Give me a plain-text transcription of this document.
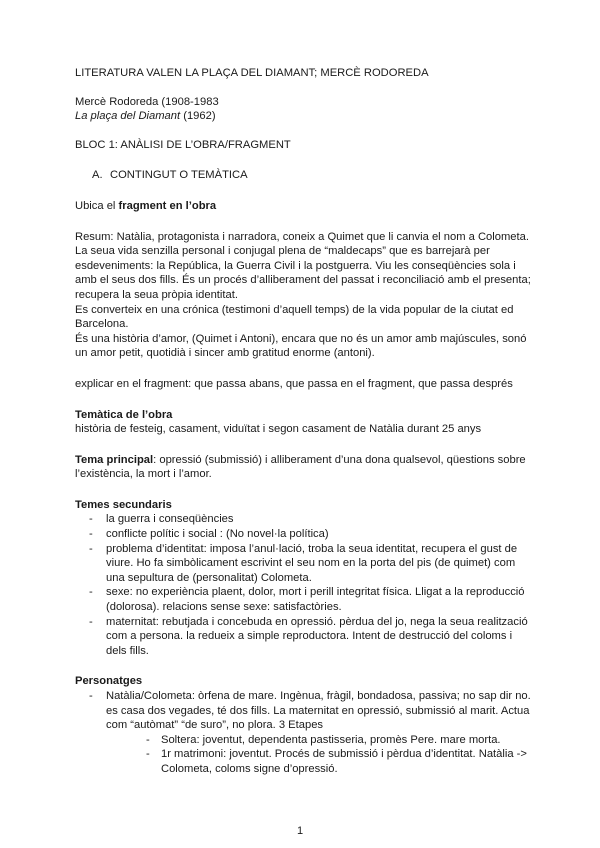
LITERATURA VALEN LA PLAÇA DEL DIAMANT; MERCÈ RODOREDA

Mercè Rodoreda (1908-1983

La plaça del Diamant (1962)

BLOC 1: ANÀLISI DE L’OBRA/FRAGMENT

A. CONTINGUT O TEMÀTICA

Ubica el fragment en l’obra

Resum: Natàlia, protagonista i narradora, coneix a Quimet que li canvia el nom a Colometa. La seua vida senzilla personal i conjugal plena de “maldecaps” que es barrejarà per esdeveniments: la República, la Guerra Civil i la postguerra. Viu les conseqüències sola i amb el seus dos fills. És un procés d’alliberament del passat i reconciliació amb el presenta; recupera la seua pròpia identitat.

Es converteix en una crónica (testimoni d’aquell temps) de la vida popular de la ciutat ed Barcelona.

És una història d’amor, (Quimet i Antoni), encara que no és un amor amb majúscules, sonó un amor petit, quotidià i sincer amb gratitud enorme (antoni).

explicar en el fragment: que passa abans, que passa en el fragment, que passa després

Temàtica de l’obra

història de festeig, casament, viduïtat i segon casament de Natàlia durant 25 anys

Tema principal: opressió (submissió) i alliberament d’una dona qualsevol, qüestions sobre l’existència, la mort i l’amor.

Temes secundaris

- la guerra i conseqüències
- conflicte polític i social : (No novel·la política)
- problema d’identitat: imposa l’anul·lació, troba la seua identitat, recupera el gust de viure. Ho fa simbòlicament escrivint el seu nom en la porta del pis (de quimet) com una sepultura de (personalitat) Colometa.
- sexe: no experiència plaent, dolor, mort i perill integritat física. Lligat a la reproducció (dolorosa). relacions sense sexe: satisfactòries.
- maternitat: rebutjada i concebuda en opressió. pèrdua del jo, nega la seua realització com a persona. la redueix a simple reproductora. Intent de destrucció del coloms i dels fills.

Personatges

- Natàlia/Colometa: òrfena de mare. Ingènua, fràgil, bondadosa, passiva; no sap dir no. es casa dos vegades, té dos fills. La maternitat en opressió, submissió al marit. Actua com “autòmat” “de suro”, no plora. 3 Etapes
- Soltera: joventut, dependenta pastisseria, promès Pere. mare morta.
- 1r matrimoni: joventut. Procés de submissió i pèrdua d’identitat. Natàlia -> Colometa, coloms signe d’opressió.
1
